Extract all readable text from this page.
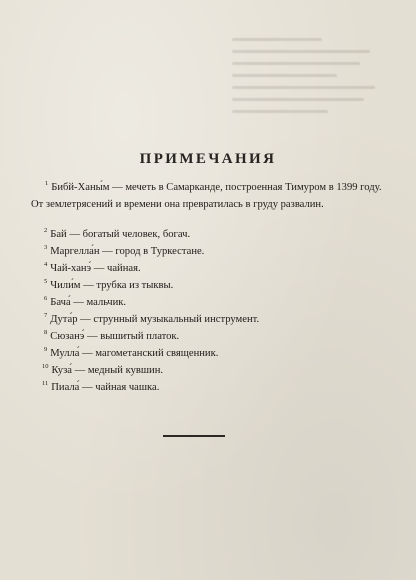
ПРИМЕЧАНИЯ
$^1$ Бибй-Ханы́м — мечеть в Самарканде, построенная Тимуром в 1399 году. От землетрясений и времени она превратилась в груду развалин.
$^2$ Бай — богатый человек, богач.
$^3$ Маргелла́н — город в Туркестане.
$^4$ Чай-ханэ́ — чайная.
$^5$ Чили́м — трубка из тыквы.
$^6$ Бача́ — мальчик.
$^7$ Дута́р — струнный музыкальный инструмент.
$^8$ Сюзанэ́ — вышитый платок.
$^9$ Мулла́ — магометанский священник.
$^{10}$ Куза́ — медный кувшин.
$^{11}$ Пиала́ — чайная чашка.
